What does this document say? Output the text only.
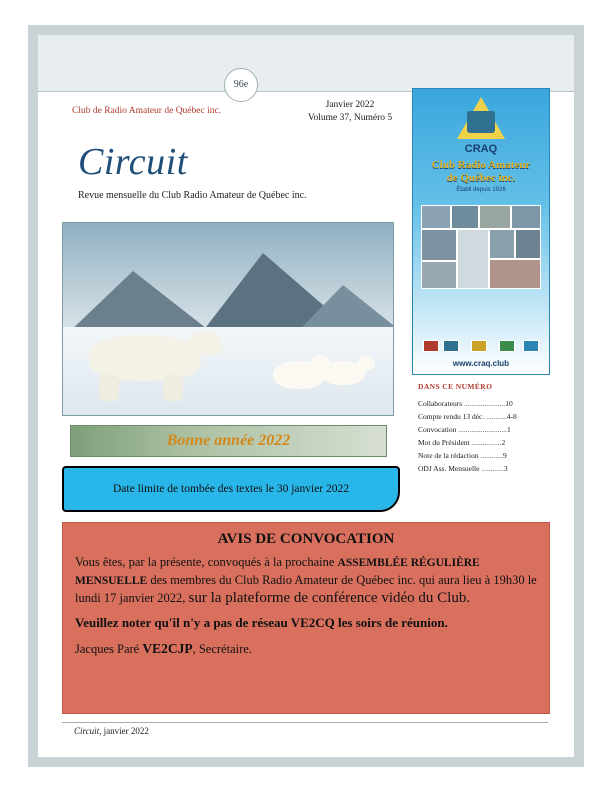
96e
Club de Radio Amateur de Québec inc.
Janvier 2022
Volume 37, Numéro 5
Circuit
Revue mensuelle du Club Radio Amateur de Québec inc.
Bonne année 2022
Date limite de tombée des textes le 30 janvier 2022
CRAQ
Club Radio Amateur
de Québec inc.
Établi depuis 1926
www.craq.club
DANS CE NUMÉRO
Collaborateurs ......................10
Compte rendu 13 déc. ...........4-8
Convocation ..........................1
Mot du Président ................2
Note de la rédaction ............9
ODJ Ass. Mensuelle ............3
AVIS DE CONVOCATION
Vous êtes, par la présente, convoqués à la prochaine ASSEMBLÉE RÉGULIÈRE MENSUELLE des membres du Club Radio Amateur de Québec inc. qui aura lieu à 19h30 le lundi 17 janvier 2022, sur la plateforme de conférence vidéo du Club.
Veuillez noter qu'il n'y a pas de réseau VE2CQ les soirs de réunion.
Jacques Paré VE2CJP, Secrétaire.
Circuit, janvier 2022
